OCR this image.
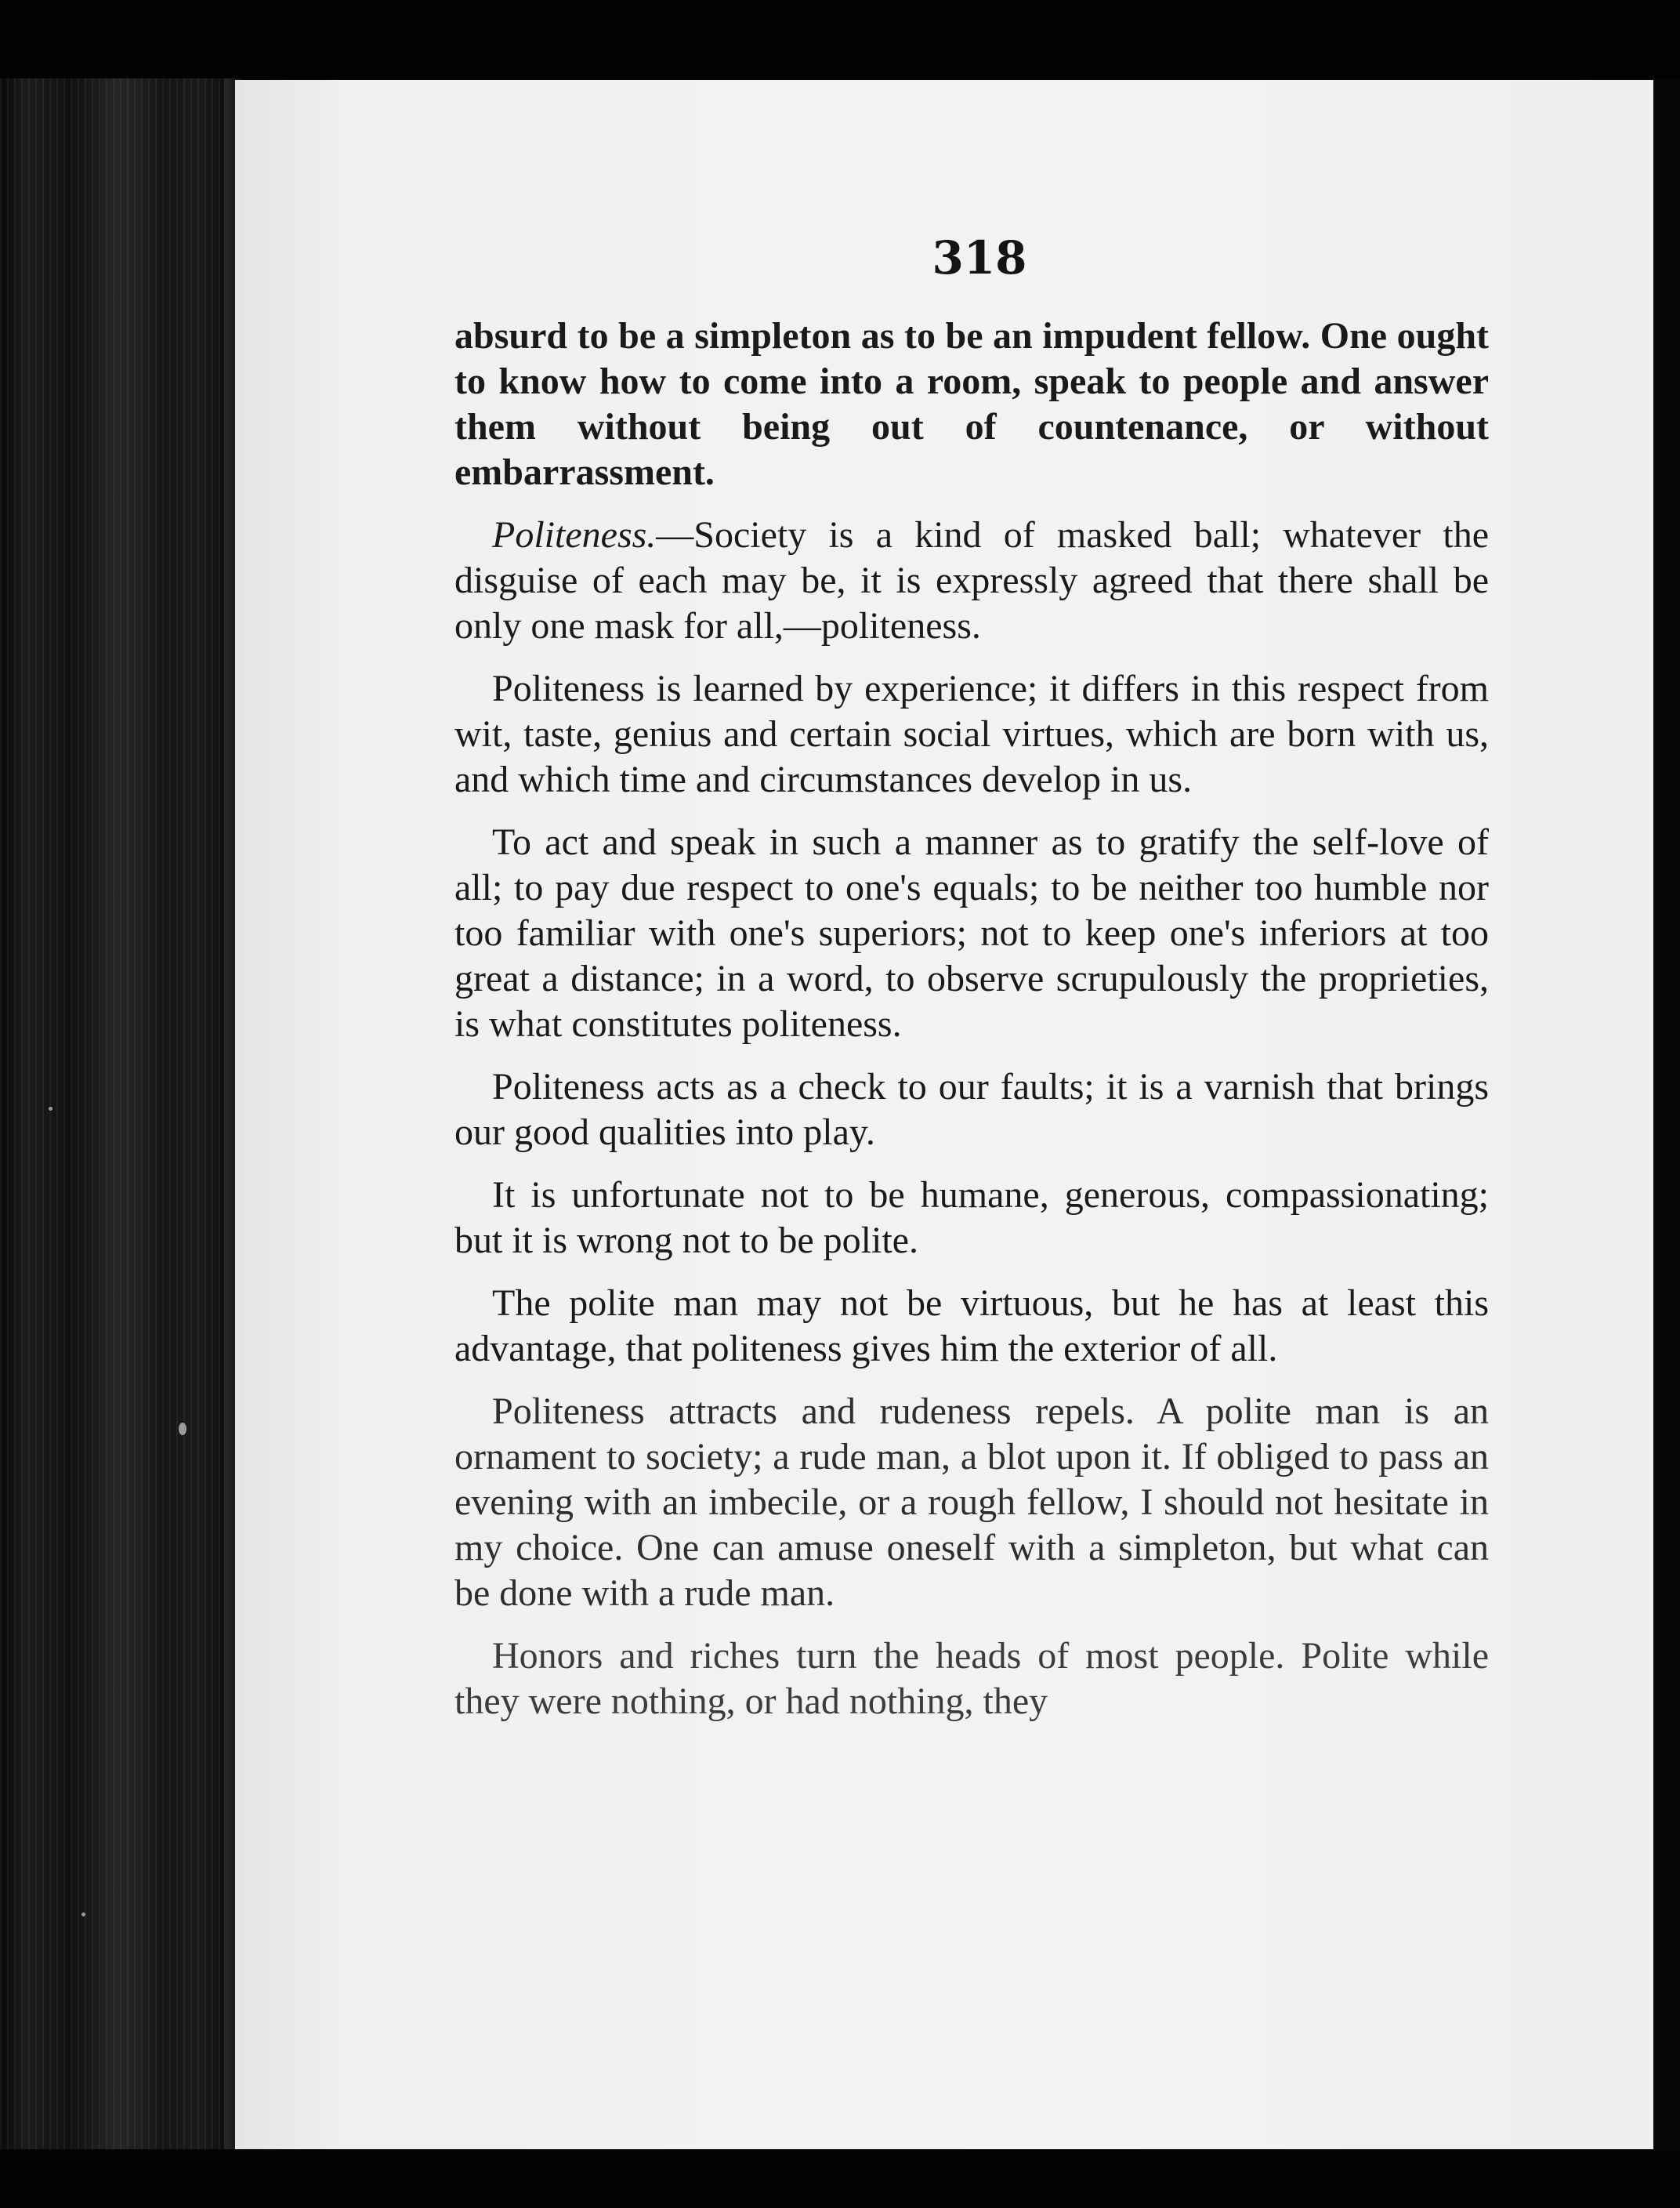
318

absurd to be a simpleton as to be an impudent fellow. One ought to know how to come into a room, speak to people and answer them without being out of countenance, or without embarrassment.

Politeness.—Society is a kind of masked ball; whatever the disguise of each may be, it is expressly agreed that there shall be only one mask for all,—politeness.

Politeness is learned by experience; it differs in this respect from wit, taste, genius and certain social virtues, which are born with us, and which time and circumstances develop in us.

To act and speak in such a manner as to gratify the self-love of all; to pay due respect to one's equals; to be neither too humble nor too familiar with one's superiors; not to keep one's inferiors at too great a distance; in a word, to observe scrupulously the proprieties, is what constitutes politeness.

Politeness acts as a check to our faults; it is a varnish that brings our good qualities into play.

It is unfortunate not to be humane, generous, compassionating; but it is wrong not to be polite.

The polite man may not be virtuous, but he has at least this advantage, that politeness gives him the exterior of all.

Politeness attracts and rudeness repels. A polite man is an ornament to society; a rude man, a blot upon it. If obliged to pass an evening with an imbecile, or a rough fellow, I should not hesitate in my choice. One can amuse oneself with a simpleton, but what can be done with a rude man.

Honors and riches turn the heads of most people. Polite while they were nothing, or had nothing, they
